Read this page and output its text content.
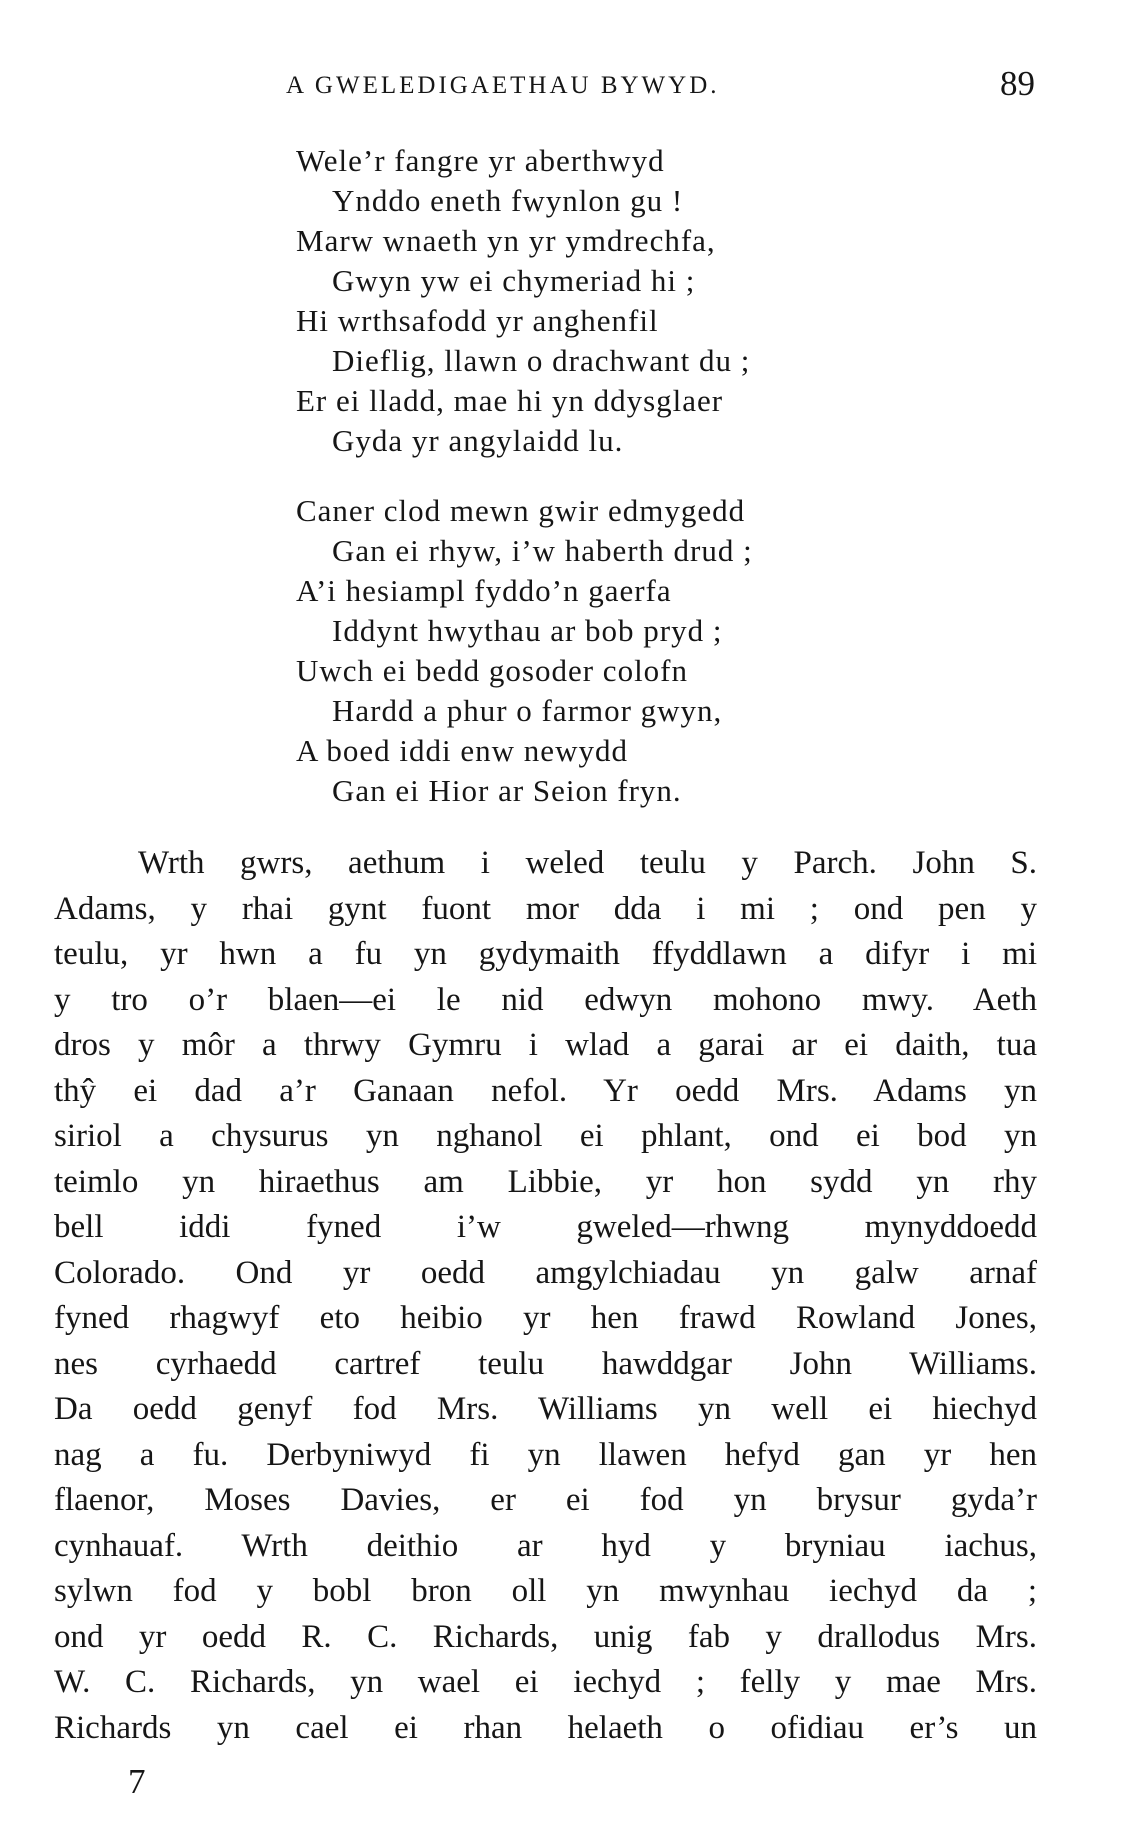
A GWELEDIGAETHAU BYWYD.	89
Wele’r fangre yr aberthwyd
Ynddo eneth fwynlon gu !
Marw wnaeth yn yr ymdrechfa,
Gwyn yw ei chymeriad hi ;
Hi wrthsafodd yr anghenfil
Dieflig, llawn o drachwant du ;
Er ei lladd, mae hi yn ddysglaer
Gyda yr angylaidd lu.
Caner clod mewn gwir edmygedd
Gan ei rhyw, i’w haberth drud ;
A’i hesiampl fyddo’n gaerfa
Iddynt hwythau ar bob pryd ;
Uwch ei bedd gosoder colofn
Hardd a phur o farmor gwyn,
A boed iddi enw newydd
Gan ei Hior ar Seion fryn.
Wrth gwrs, aethum i weled teulu y Parch. John S.
Adams, y rhai gynt fuont mor dda i mi ; ond pen y
teulu, yr hwn a fu yn gydymaith ffyddlawn a difyr i mi
y tro o’r blaen—ei le nid edwyn mohono mwy. Aeth
dros y môr a thrwy Gymru i wlad a garai ar ei daith, tua
thŷ ei dad a’r Ganaan nefol. Yr oedd Mrs. Adams yn
siriol a chysurus yn nghanol ei phlant, ond ei bod yn
teimlo yn hiraethus am Libbie, yr hon sydd yn rhy
bell iddi fyned i’w gweled—rhwng mynyddoedd
Colorado. Ond yr oedd amgylchiadau yn galw arnaf
fyned rhagwyf eto heibio yr hen frawd Rowland Jones,
nes cyrhaedd cartref teulu hawddgar John Williams.
Da oedd genyf fod Mrs. Williams yn well ei hiechyd
nag a fu. Derbyniwyd fi yn llawen hefyd gan yr hen
flaenor, Moses Davies, er ei fod yn brysur gyda’r
cynhauaf. Wrth deithio ar hyd y bryniau iachus,
sylwn fod y bobl bron oll yn mwynhau iechyd da ;
ond yr oedd R. C. Richards, unig fab y drallodus Mrs.
W. C. Richards, yn wael ei iechyd ; felly y mae Mrs.
Richards yn cael ei rhan helaeth o ofidiau er’s un
7
